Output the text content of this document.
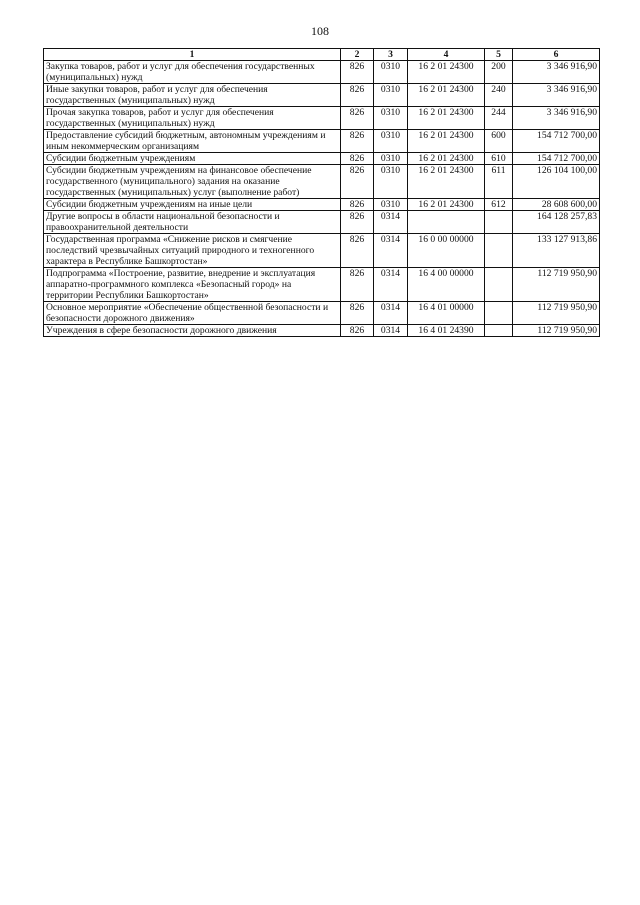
108
1	2	3	4	5	6
Закупка товаров, работ и услуг для обеспечения государственных (муниципальных) нужд	826	0310	16 2 01 24300	200	3 346 916,90
Иные закупки товаров, работ и услуг для обеспечения государственных (муниципальных) нужд	826	0310	16 2 01 24300	240	3 346 916,90
Прочая закупка товаров, работ и услуг для обеспечения государственных (муниципальных) нужд	826	0310	16 2 01 24300	244	3 346 916,90
Предоставление субсидий бюджетным, автономным учреждениям и иным некоммерческим организациям	826	0310	16 2 01 24300	600	154 712 700,00
Субсидии бюджетным учреждениям	826	0310	16 2 01 24300	610	154 712 700,00
Субсидии бюджетным учреждениям на финансовое обеспечение государственного (муниципального) задания на оказание государственных (муниципальных) услуг (выполнение работ)	826	0310	16 2 01 24300	611	126 104 100,00
Субсидии бюджетным учреждениям на иные цели	826	0310	16 2 01 24300	612	28 608 600,00
Другие вопросы в области национальной безопасности и правоохранительной деятельности	826	0314			164 128 257,83
Государственная программа «Снижение рисков и смягчение последствий чрезвычайных ситуаций природного и техногенного характера в Республике Башкортостан»	826	0314	16 0 00 00000		133 127 913,86
Подпрограмма «Построение, развитие, внедрение и эксплуатация аппаратно-программного комплекса «Безопасный город» на территории Республики Башкортостан»	826	0314	16 4 00 00000		112 719 950,90
Основное мероприятие «Обеспечение общественной безопасности и безопасности дорожного движения»	826	0314	16 4 01 00000		112 719 950,90
Учреждения в сфере безопасности дорожного движения	826	0314	16 4 01 24390		112 719 950,90
